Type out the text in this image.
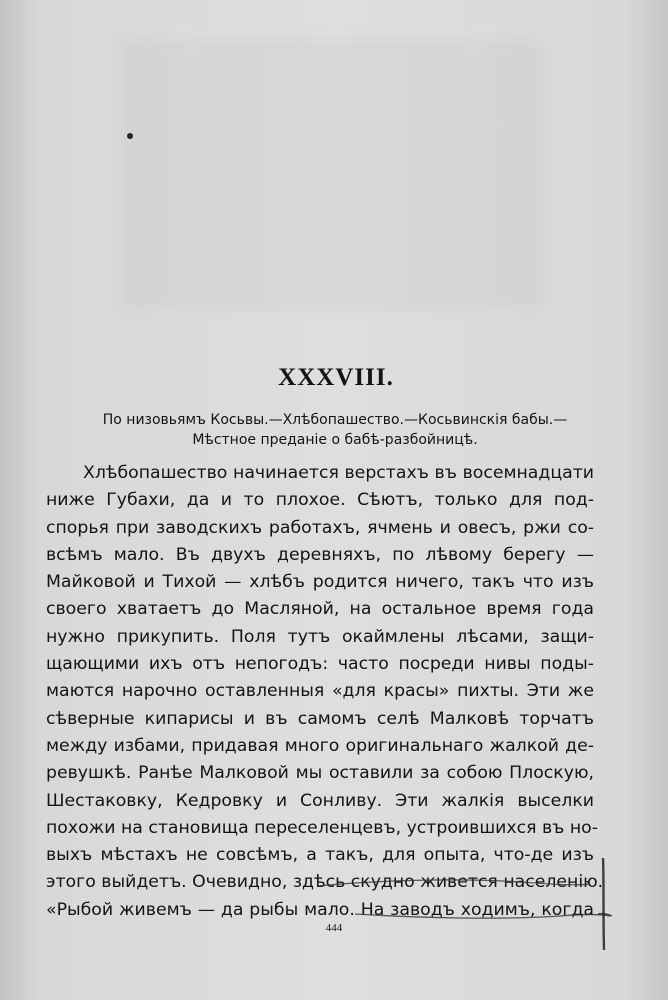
XXXVIII.
По низовьямъ Косьвы.—Хлѣбопашество.—Косьвинскія бабы.—
Мѣстное преданіе о бабѣ-разбойницѣ.
Хлѣбопашество начинается верстахъ въ восемнадцати
ниже Губахи, да и то плохое. Сѣютъ, только для под-
спорья при заводскихъ работахъ, ячмень и овесъ, ржи со-
всѣмъ мало. Въ двухъ деревняхъ, по лѣвому берегу —
Майковой и Тихой — хлѣбъ родится ничего, такъ что изъ
своего хватаетъ до Масляной, на остальное время года
нужно прикупить. Поля тутъ окаймлены лѣсами, защи-
щающими ихъ отъ непогодъ: часто посреди нивы поды-
маются нарочно оставленныя «для красы» пихты. Эти же
сѣверные кипарисы и въ самомъ селѣ Малковѣ торчатъ
между избами, придавая много оригинальнаго жалкой де-
ревушкѣ. Ранѣе Малковой мы оставили за собою Плоскую,
Шестаковку, Кедровку и Сонливу. Эти жалкія выселки
похожи на становища переселенцевъ, устроившихся въ но-
выхъ мѣстахъ не совсѣмъ, а такъ, для опыта, что-де изъ
этого выйдетъ. Очевидно, здѣсь скудно живется населенію.
«Рыбой живемъ — да рыбы мало. На заводъ ходимъ, когда
444
